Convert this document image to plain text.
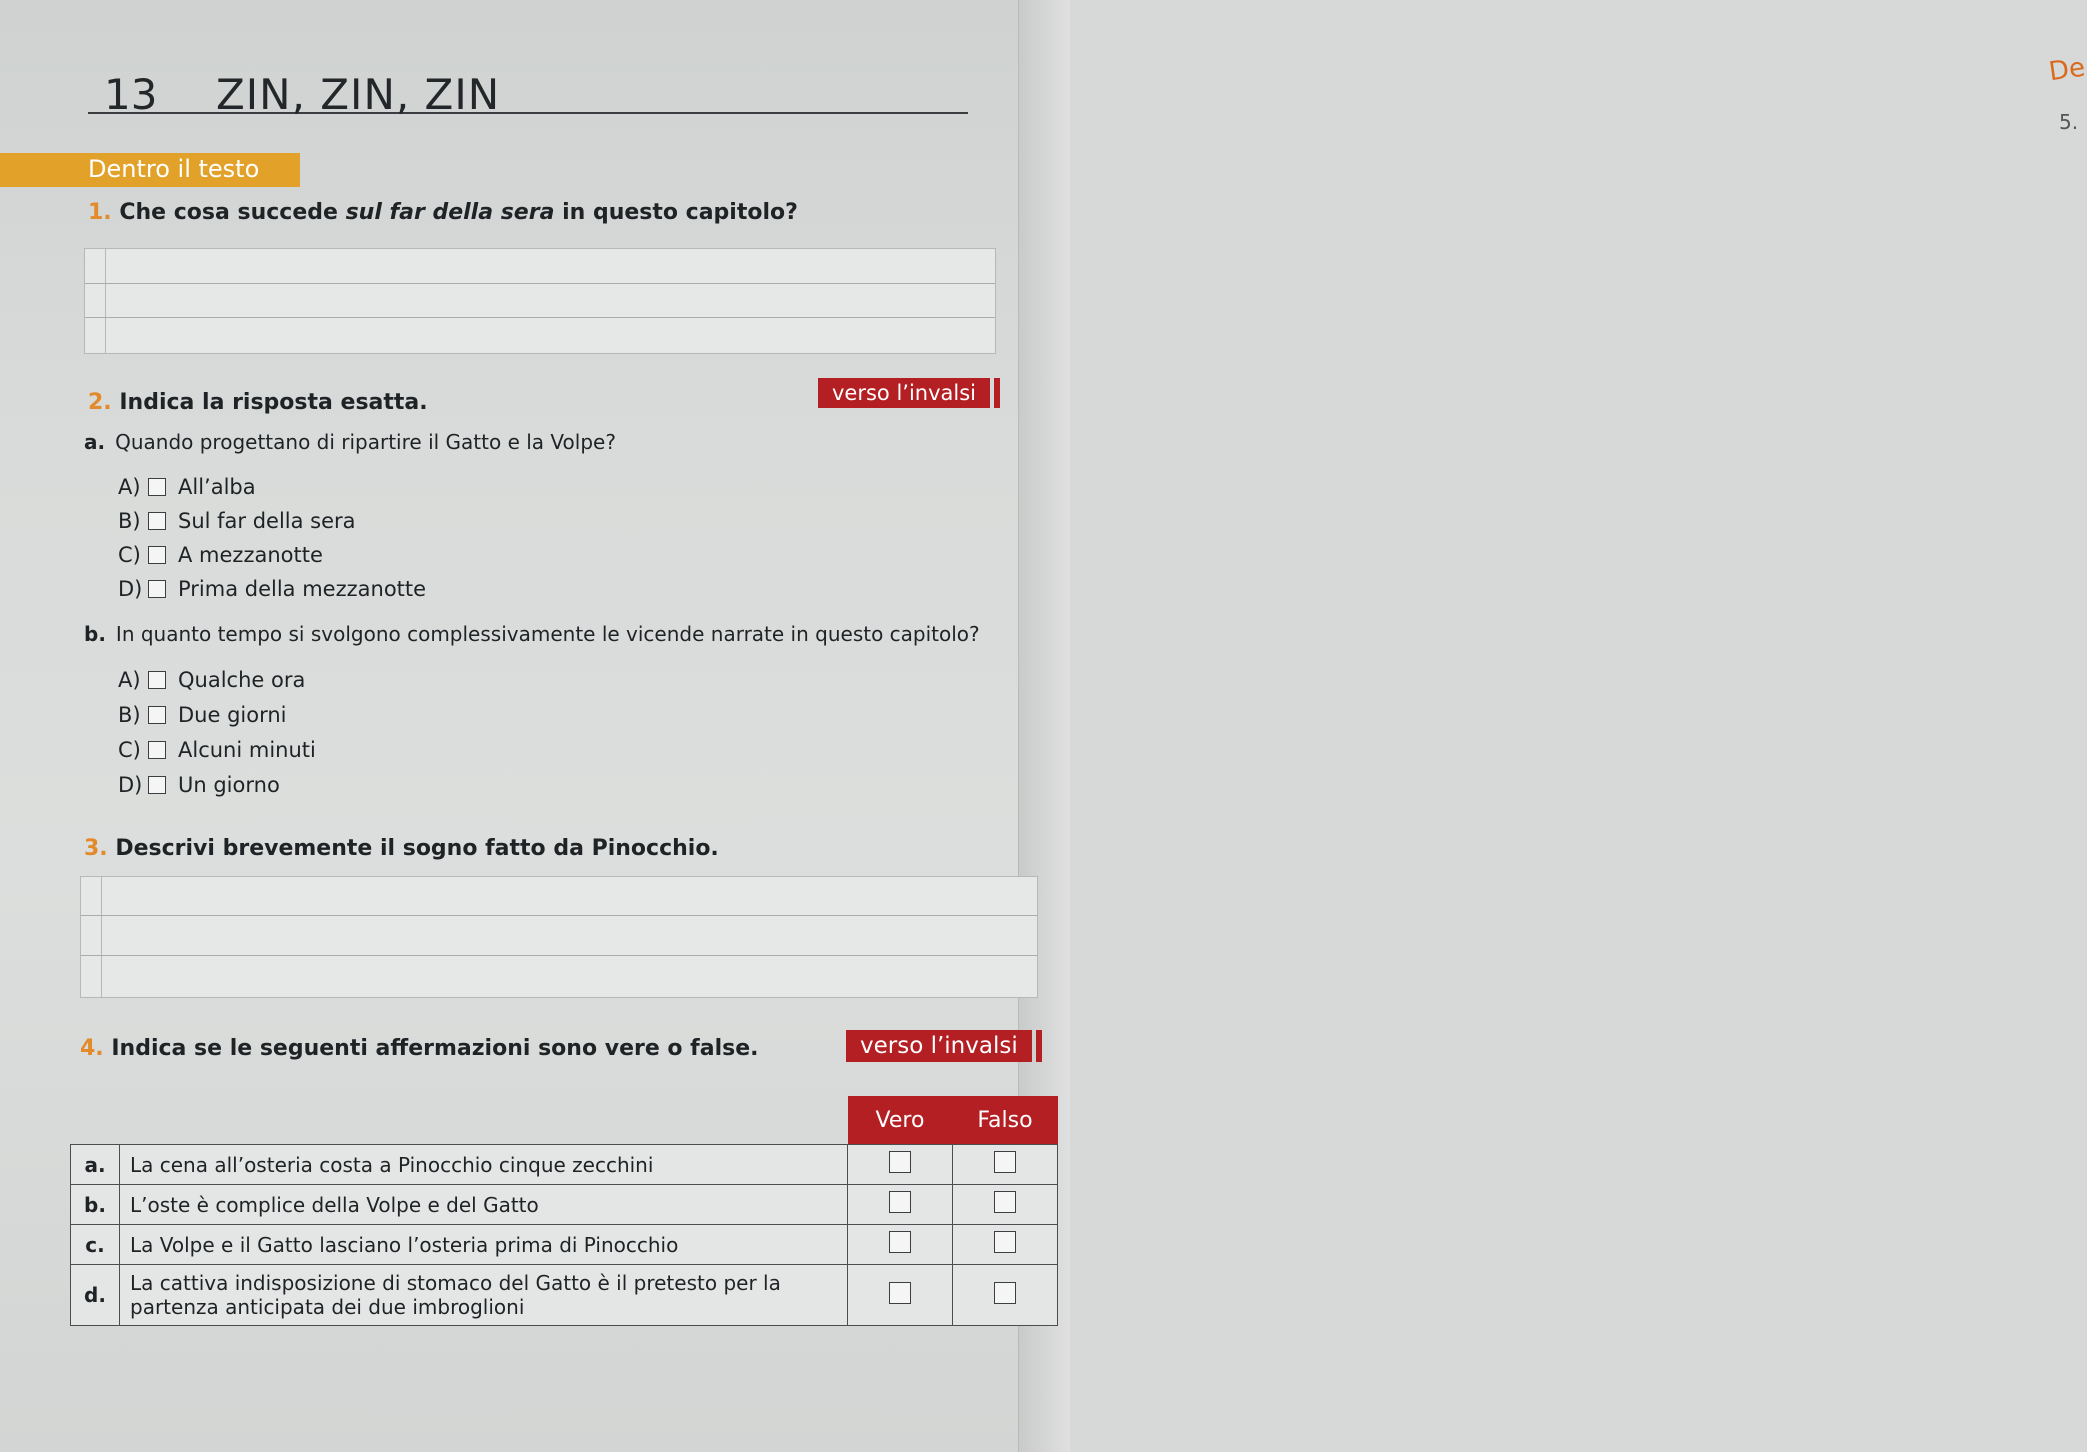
De
5.
13 ZIN, ZIN, ZIN
Dentro il testo
1. Che cosa succede sul far della sera in questo capitolo?
2. Indica la risposta esatta.	verso l’invalsi
a. Quando progettano di ripartire il Gatto e la Volpe?
A)	All’alba
B)	Sul far della sera
C)	A mezzanotte
D) Prima della mezzanotte
b. In quanto tempo si svolgono complessivamente le vicende narrate in questo capitolo?
A)	Qualche ora
B)	Due giorni
C)	Alcuni minuti
D) Un giorno
3. Descrivi brevemente il sogno fatto da Pinocchio.
4. Indica se le seguenti affermazioni sono vere o false.	verso l’invalsi
		Vero	Falso
a.	La cena all’osteria costa a Pinocchio cinque zecchini		
b.	L’oste è complice della Volpe e del Gatto		
c.	La Volpe e il Gatto lasciano l’osteria prima di Pinocchio		
d.	La cattiva indisposizione di stomaco del Gatto è il pretesto per la partenza anticipata dei due imbroglioni		
